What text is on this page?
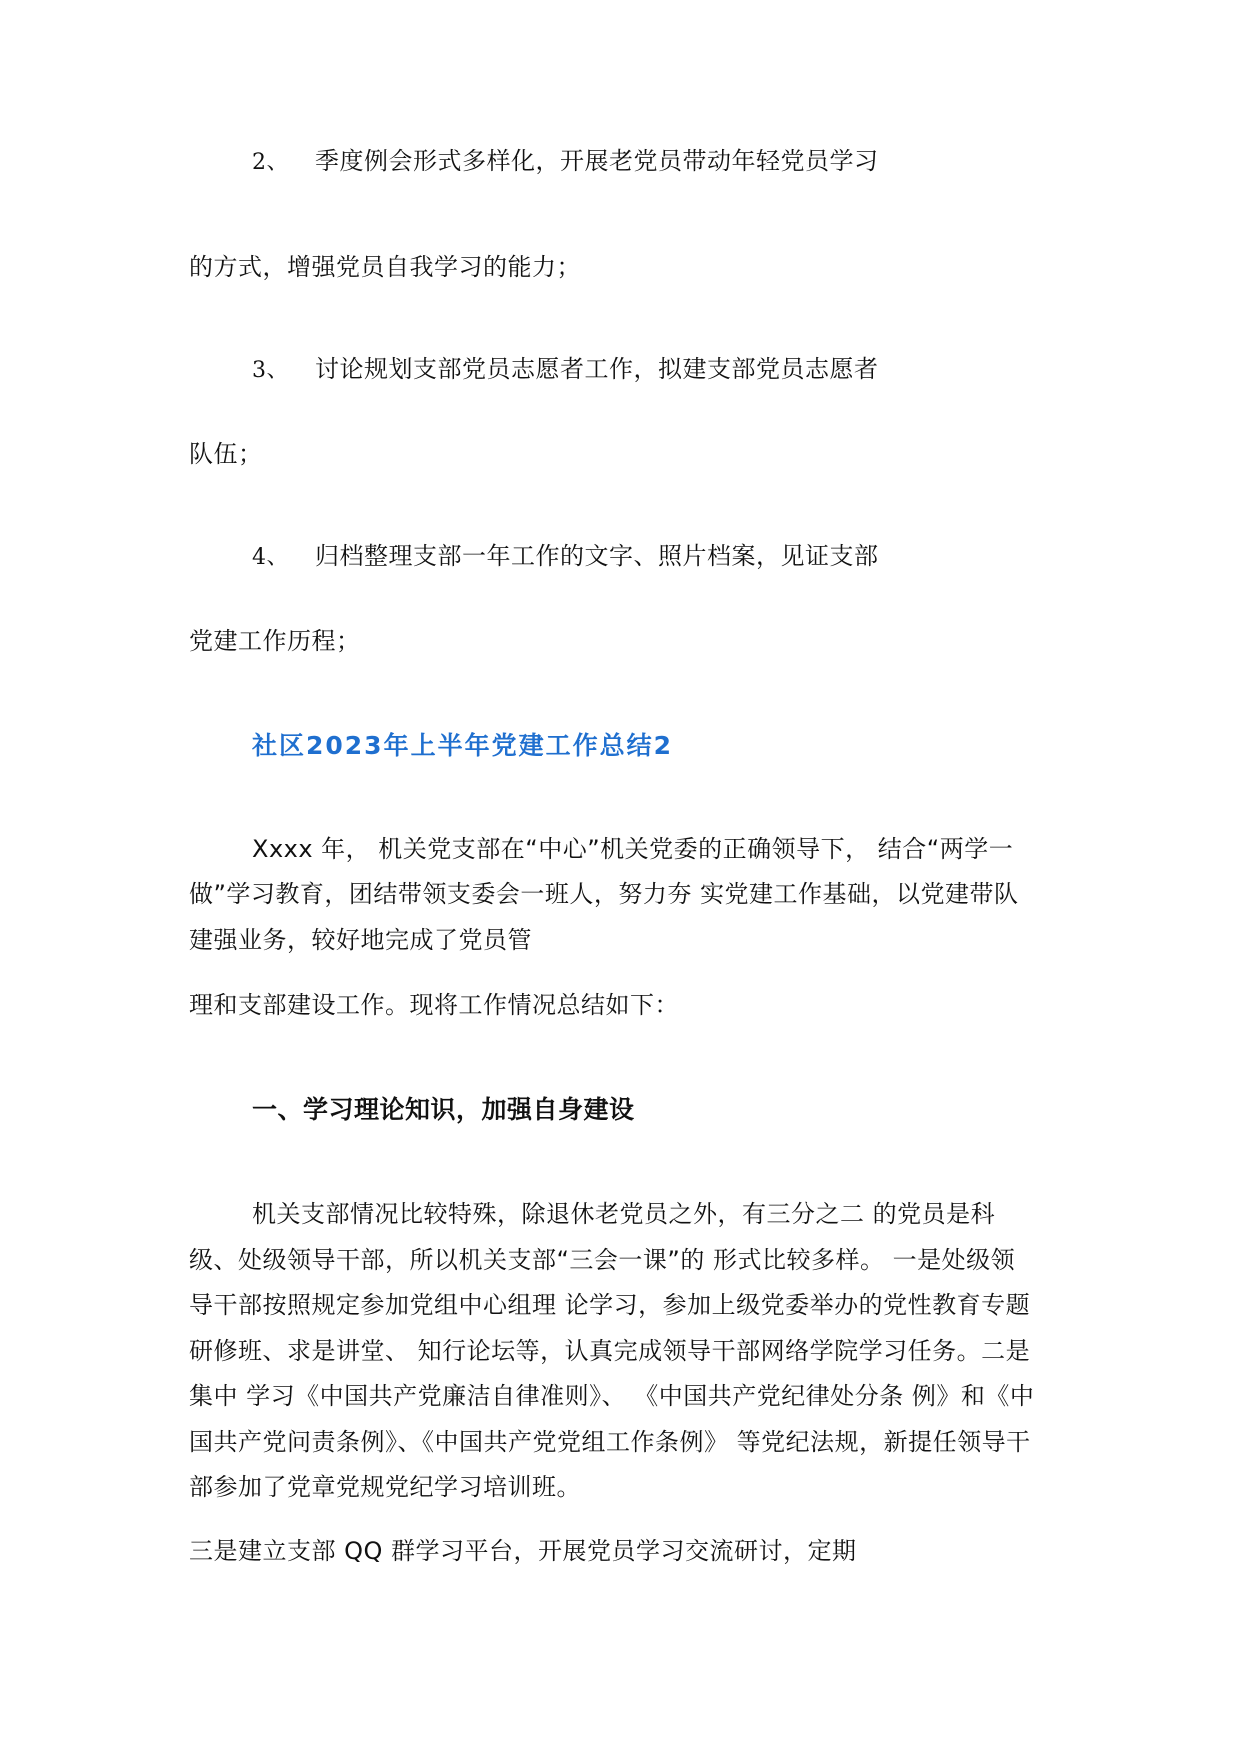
2、 季度例会形式多样化，开展老党员带动年轻党员学习
的方式，增强党员自我学习的能力；
3、 讨论规划支部党员志愿者工作，拟建支部党员志愿者
队伍；
4、 归档整理支部一年工作的文字、照片档案，见证支部
党建工作历程；
社区2023年上半年党建工作总结2
Xxxx 年， 机关党支部在“中心”机关党委的正确领导下， 结合“两学一
做”学习教育，团结带领支委会一班人，努力夯 实党建工作基础，以党建带队
建强业务，较好地完成了党员管
理和支部建设工作。现将工作情况总结如下：
一、学习理论知识，加强自身建设
机关支部情况比较特殊，除退休老党员之外，有三分之二 的党员是科
级、处级领导干部，所以机关支部“三会一课”的 形式比较多样。 一是处级领
导干部按照规定参加党组中心组理 论学习，参加上级党委举办的党性教育专题
研修班、求是讲堂、 知行论坛等，认真完成领导干部网络学院学习任务。二是
集中 学习《中国共产党廉洁自律准则》、 《中国共产党纪律处分条 例》和《中
国共产党问责条例》、《中国共产党党组工作条例》 等党纪法规，新提任领导干
部参加了党章党规党纪学习培训班。
三是建立支部 QQ 群学习平台，开展党员学习交流研讨，定期
